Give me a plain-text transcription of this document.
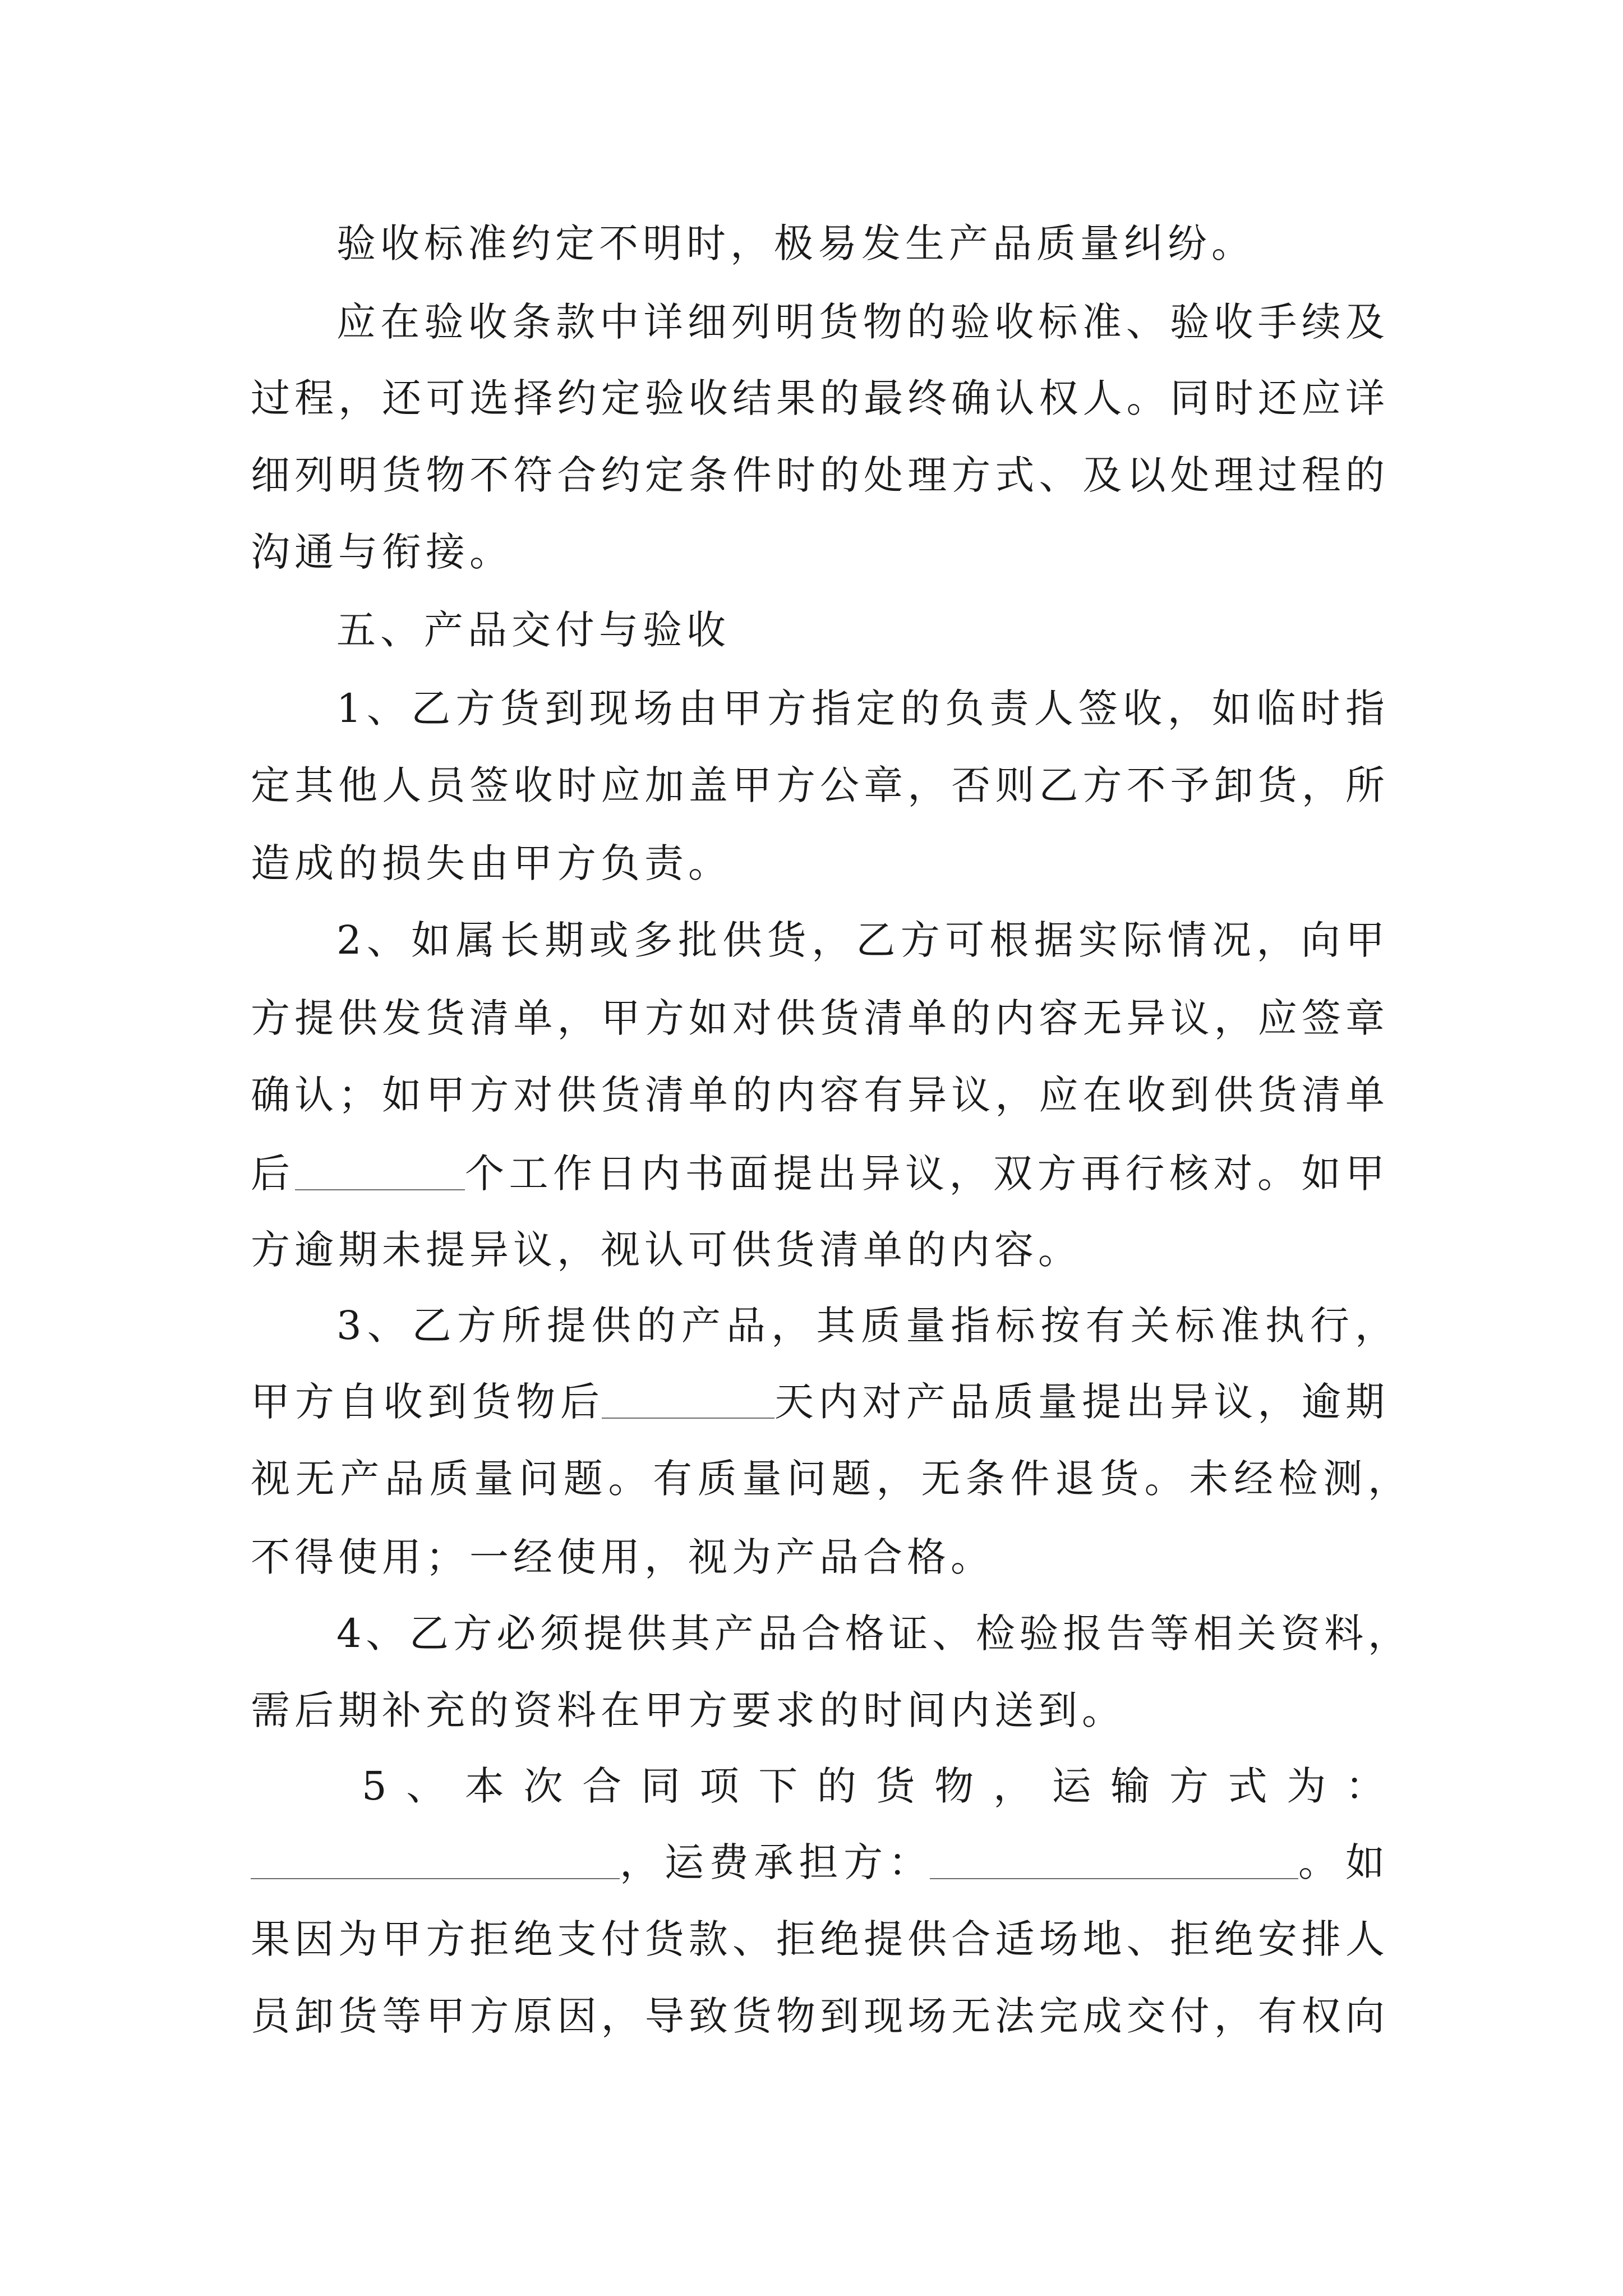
验收标准约定不明时，极易发生产品质量纠纷。
应在验收条款中详细列明货物的验收标准、验收手续及
过程，还可选择约定验收结果的最终确认权人。同时还应详
细列明货物不符合约定条件时的处理方式、及以处理过程的
沟通与衔接。
五、产品交付与验收
1、乙方货到现场由甲方指定的负责人签收，如临时指
定其他人员签收时应加盖甲方公章，否则乙方不予卸货，所
造成的损失由甲方负责。
2、如属长期或多批供货，乙方可根据实际情况，向甲
方提供发货清单，甲方如对供货清单的内容无异议，应签章
确认；如甲方对供货清单的内容有异议，应在收到供货清单
后	个工作日内书面提出异议，双方再行核对。如甲
方逾期未提异议，视认可供货清单的内容。
3、乙方所提供的产品，其质量指标按有关标准执行，
甲方自收到货物后	天内对产品质量提出异议，逾期
视无产品质量问题。有质量问题，无条件退货。未经检测，
不得使用；一经使用，视为产品合格。
4、乙方必须提供其产品合格证、检验报告等相关资料，
需后期补充的资料在甲方要求的时间内送到。
5、本次合同项下的货物，运输方式为：
，运费承担方：	。如
果因为甲方拒绝支付货款、拒绝提供合适场地、拒绝安排人
员卸货等甲方原因，导致货物到现场无法完成交付，有权向
